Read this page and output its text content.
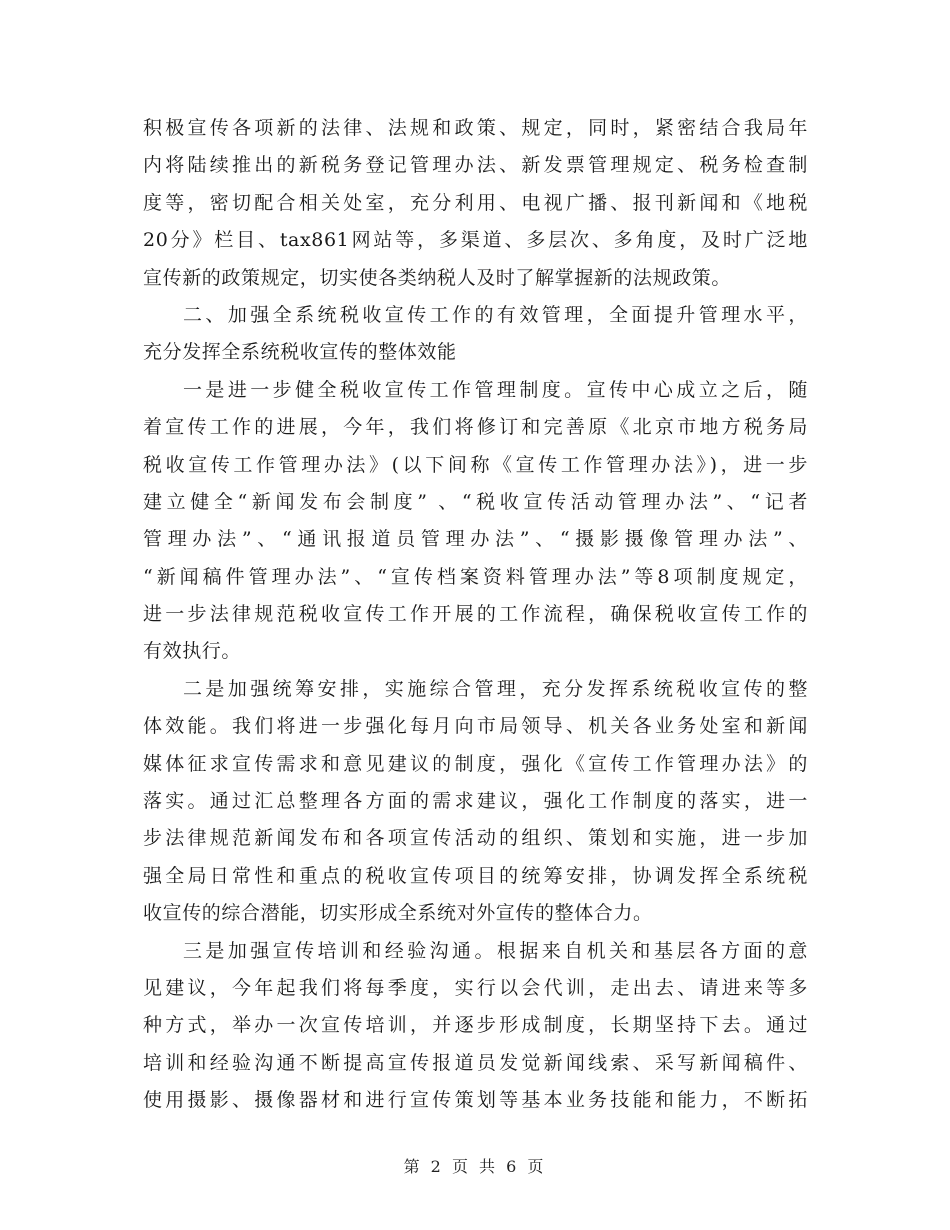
积极宣传各项新的法律、法规和政策、规定，同时，紧密结合我局年
内将陆续推出的新税务登记管理办法、新发票管理规定、税务检查制
度等，密切配合相关处室，充分利用、电视广播、报刊新闻和《地税
20分》栏目、tax861网站等，多渠道、多层次、多角度，及时广泛地
宣传新的政策规定，切实使各类纳税人及时了解掌握新的法规政策。
二、加强全系统税收宣传工作的有效管理，全面提升管理水平，
充分发挥全系统税收宣传的整体效能
一是进一步健全税收宣传工作管理制度。宣传中心成立之后，随
着宣传工作的进展，今年，我们将修订和完善原《北京市地方税务局
税收宣传工作管理办法》(以下间称《宣传工作管理办法》)，进一步
建立健全“新闻发布会制度” 、“税收宣传活动管理办法”、“记者
管理办法”、“通讯报道员管理办法”、“摄影摄像管理办法”、
“新闻稿件管理办法”、“宣传档案资料管理办法”等8项制度规定，
进一步法律规范税收宣传工作开展的工作流程，确保税收宣传工作的
有效执行。
二是加强统筹安排，实施综合管理，充分发挥系统税收宣传的整
体效能。我们将进一步强化每月向市局领导、机关各业务处室和新闻
媒体征求宣传需求和意见建议的制度，强化《宣传工作管理办法》的
落实。通过汇总整理各方面的需求建议，强化工作制度的落实，进一
步法律规范新闻发布和各项宣传活动的组织、策划和实施，进一步加
强全局日常性和重点的税收宣传项目的统筹安排，协调发挥全系统税
收宣传的综合潜能，切实形成全系统对外宣传的整体合力。
三是加强宣传培训和经验沟通。根据来自机关和基层各方面的意
见建议，今年起我们将每季度，实行以会代训，走出去、请进来等多
种方式，举办一次宣传培训，并逐步形成制度，长期坚持下去。通过
培训和经验沟通不断提高宣传报道员发觉新闻线索、采写新闻稿件、
使用摄影、摄像器材和进行宣传策划等基本业务技能和能力，不断拓
第 2 页 共 6 页
